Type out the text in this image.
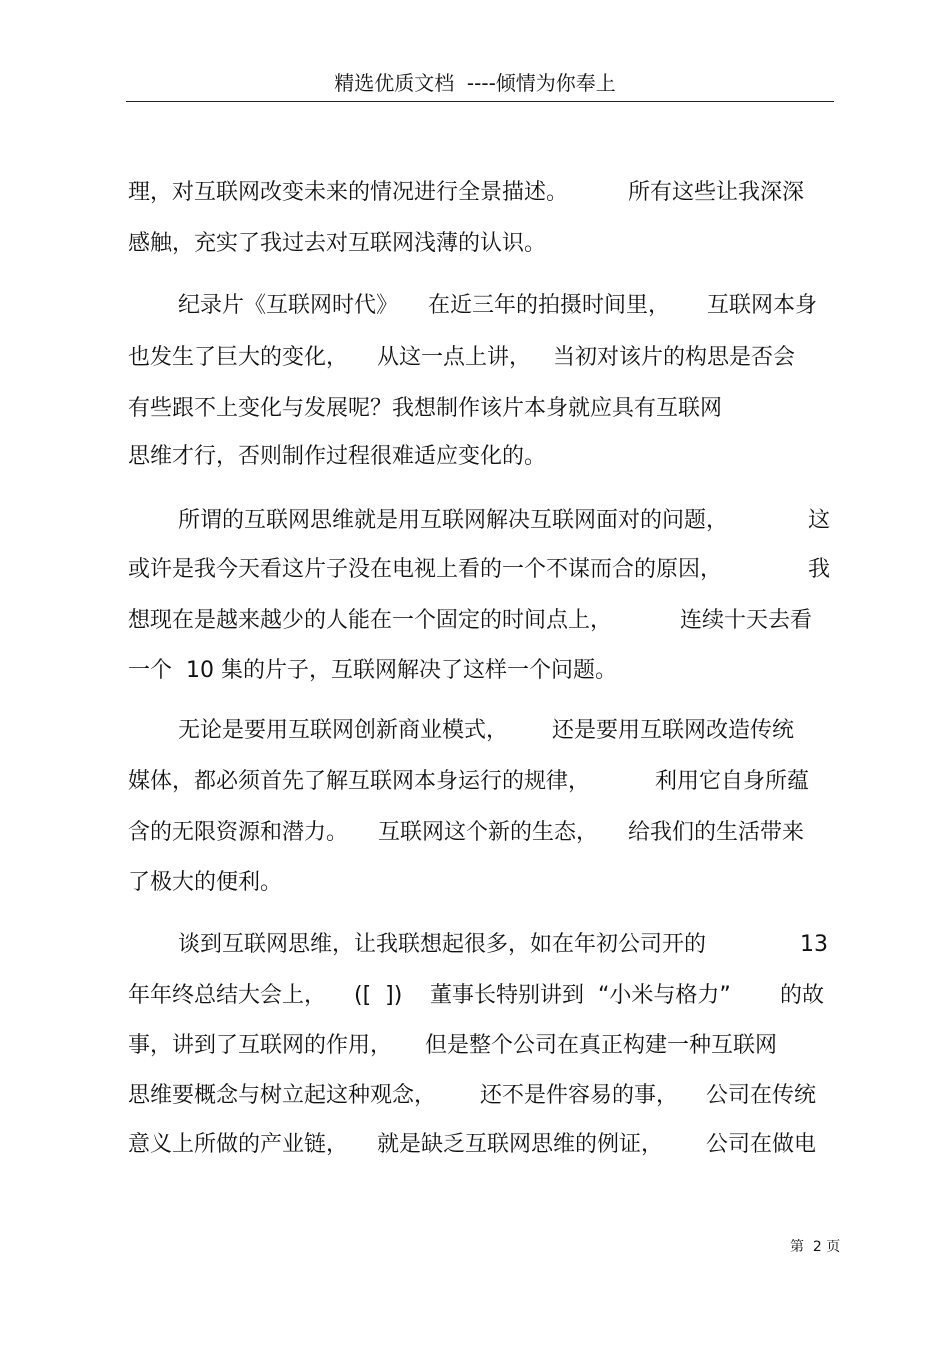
精选优质文档  ----倾情为你奉上

理，对互联网改变未来的情况进行全景描述。

	所有这些让我深深

感触，充实了我过去对互联网浅薄的认识。

纪录片《互联网时代》

在近三年的拍摄时间里，

互联网本身

也发生了巨大的变化，

从这一点上讲，

当初对该片的构思是否会

有些跟不上变化与发展呢？我想制作该片本身就应具有互联网

思维才行，否则制作过程很难适应变化的。

所谓的互联网思维就是用互联网解决互联网面对的问题，

	这

或许是我今天看这片子没在电视上看的一个不谋而合的原因，

	我

想现在是越来越少的人能在一个固定的时间点上，

	连续十天去看

一个  10 集的片子，互联网解决了这样一个问题。

无论是要用互联网创新商业模式，

还是要用互联网改造传统

媒体，都必须首先了解互联网本身运行的规律，

	利用它自身所蕴

含的无限资源和潜力。

互联网这个新的生态，

给我们的生活带来

了极大的便利。

谈到互联网思维，让我联想起很多，如在年初公司开的

	13

年年终总结大会上，

([  ])

董事长特别讲到

“小米与格力”

的故

事，讲到了互联网的作用，

但是整个公司在真正构建一种互联网

思维要概念与树立起这种观念，

还不是件容易的事，

公司在传统

意义上所做的产业链，

就是缺乏互联网思维的例证，

公司在做电

第  2 页
